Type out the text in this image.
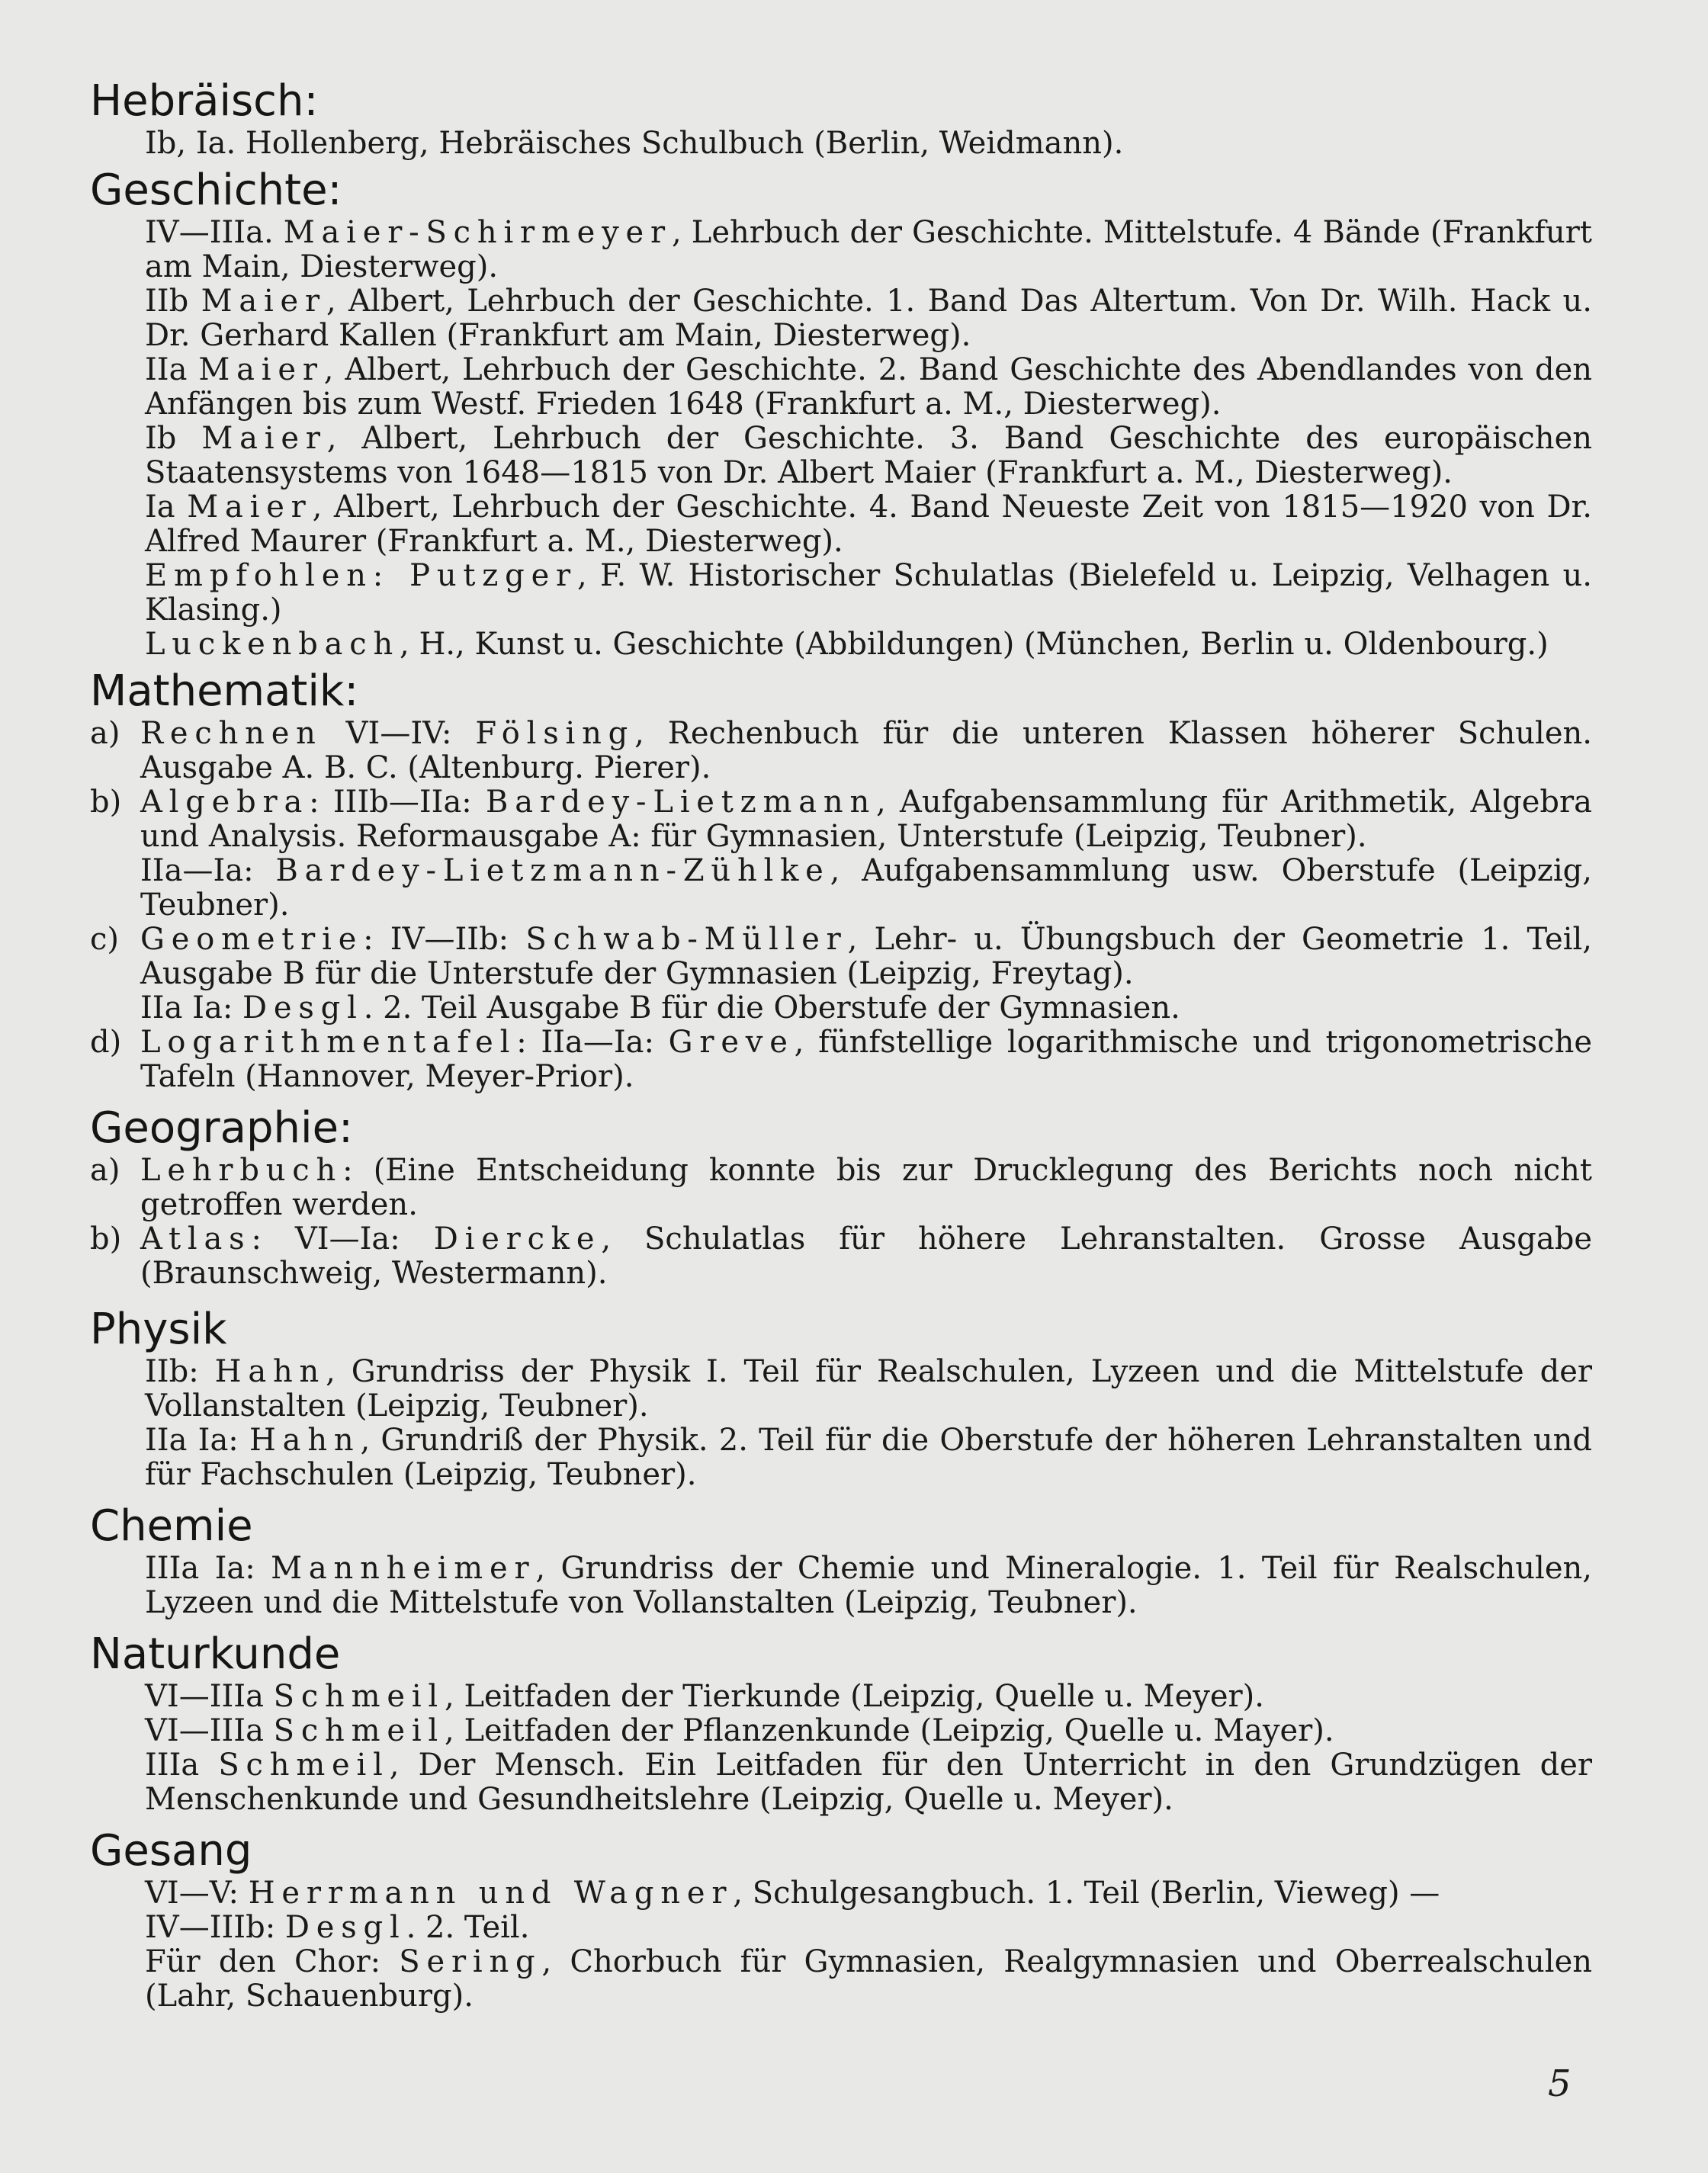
Hebräisch:

Ib, Ia. Hollenberg, Hebräisches Schulbuch (Berlin, Weidmann).

Geschichte:

IV—IIIa. Maier-Schirmeyer, Lehrbuch der Geschichte. Mittelstufe. 4 Bände (Frankfurt am Main, Diesterweg).

IIb Maier, Albert, Lehrbuch der Geschichte. 1. Band Das Altertum. Von Dr. Wilh. Hack u. Dr. Gerhard Kallen (Frankfurt am Main, Diesterweg).

IIa Maier, Albert, Lehrbuch der Geschichte. 2. Band Geschichte des Abendlandes von den Anfängen bis zum Westf. Frieden 1648 (Frankfurt a. M., Diesterweg).

Ib Maier, Albert, Lehrbuch der Geschichte. 3. Band Geschichte des europäischen Staatensystems von 1648—1815 von Dr. Albert Maier (Frankfurt a. M., Diesterweg).

Ia Maier, Albert, Lehrbuch der Geschichte. 4. Band Neueste Zeit von 1815—1920 von Dr. Alfred Maurer (Frankfurt a. M., Diesterweg).

Empfohlen: Putzger, F. W. Historischer Schulatlas (Bielefeld u. Leipzig, Velhagen u. Klasing.)

Luckenbach, H., Kunst u. Geschichte (Abbildungen) (München, Berlin u. Oldenbourg.)

Mathematik:
a) Rechnen VI—IV: Fölsing, Rechenbuch für die unteren Klassen höherer Schulen. Ausgabe A. B. C. (Altenburg. Pierer).
b) Algebra: IIIb—IIa: Bardey-Lietzmann, Aufgabensammlung für Arithmetik, Algebra und Analysis. Reformausgabe A: für Gymnasien, Unterstufe (Leipzig, Teubner).
IIa—Ia: Bardey-Lietzmann-Zühlke, Aufgabensammlung usw. Oberstufe (Leipzig, Teubner).
c) Geometrie: IV—IIb: Schwab-Müller, Lehr- u. Übungsbuch der Geometrie 1. Teil, Ausgabe B für die Unterstufe der Gymnasien (Leipzig, Freytag).
IIa Ia: Desgl. 2. Teil Ausgabe B für die Oberstufe der Gymnasien.
d) Logarithmentafel: IIa—Ia: Greve, fünfstellige logarithmische und trigonometrische Tafeln (Hannover, Meyer-Prior).
Geographie:
a) Lehrbuch: (Eine Entscheidung konnte bis zur Drucklegung des Berichts noch nicht getroffen werden.
b) Atlas: VI—Ia: Diercke, Schulatlas für höhere Lehranstalten. Grosse Ausgabe (Braunschweig, Westermann).
Physik

IIb: Hahn, Grundriss der Physik I. Teil für Realschulen, Lyzeen und die Mittelstufe der Vollanstalten (Leipzig, Teubner).

IIa Ia: Hahn, Grundriß der Physik. 2. Teil für die Oberstufe der höheren Lehranstalten und für Fachschulen (Leipzig, Teubner).

Chemie

IIIa Ia: Mannheimer, Grundriss der Chemie und Mineralogie. 1. Teil für Realschulen, Lyzeen und die Mittelstufe von Vollanstalten (Leipzig, Teubner).

Naturkunde

VI—IIIa Schmeil, Leitfaden der Tierkunde (Leipzig, Quelle u. Meyer).

VI—IIIa Schmeil, Leitfaden der Pflanzenkunde (Leipzig, Quelle u. Mayer).

IIIa Schmeil, Der Mensch. Ein Leitfaden für den Unterricht in den Grundzügen der Menschenkunde und Gesundheitslehre (Leipzig, Quelle u. Meyer).

Gesang

VI—V: Herrmann und Wagner, Schulgesangbuch. 1. Teil (Berlin, Vieweg) —

IV—IIIb: Desgl. 2. Teil.

Für den Chor: Sering, Chorbuch für Gymnasien, Realgymnasien und Oberrealschulen (Lahr, Schauenburg).

5
